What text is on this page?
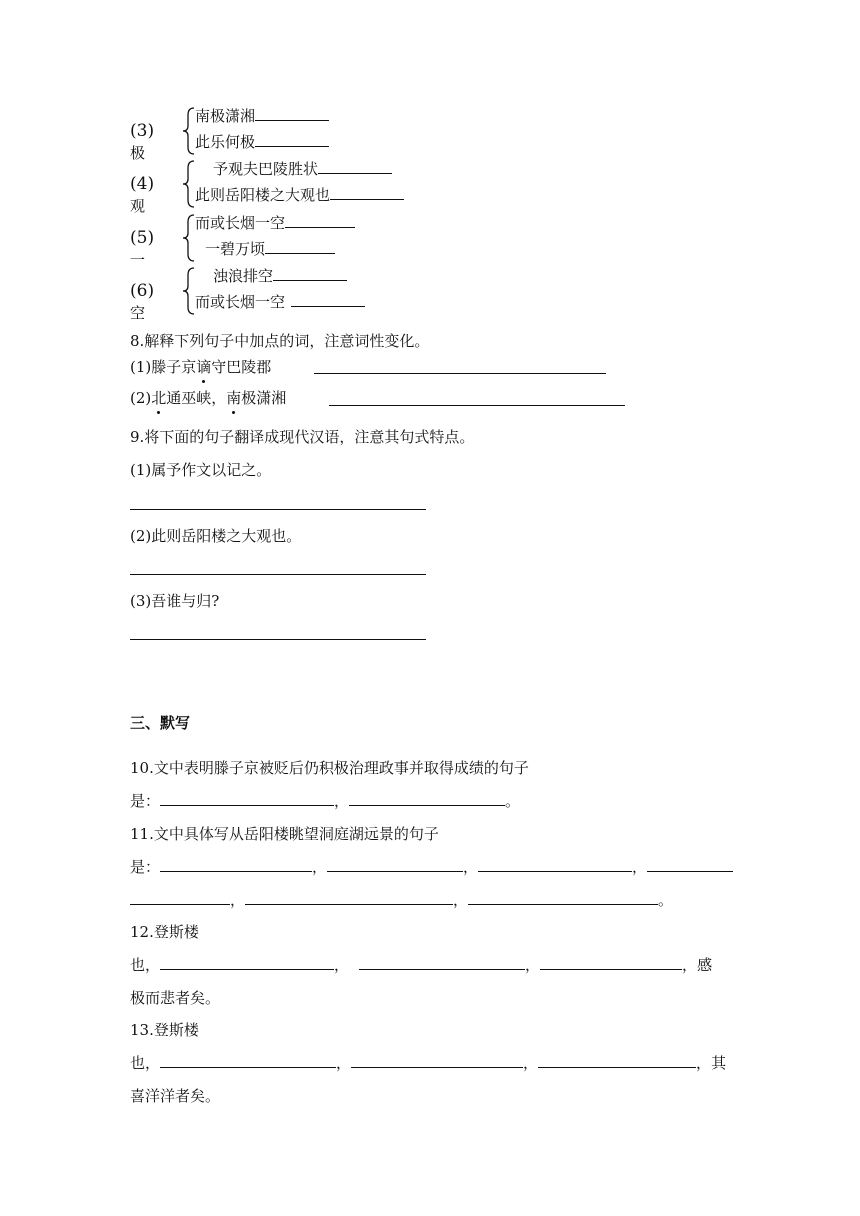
(3)极
南极潇湘
此乐何极
(4)观
予观夫巴陵胜状
此则岳阳楼之大观也
(5)一
而或长烟一空
一碧万顷
(6)空
浊浪排空
而或长烟一空
8.解释下列句子中加点的词，注意词性变化。
(1)滕子京谪守巴陵郡
(2)北通巫峡，南极潇湘
9.将下面的句子翻译成现代汉语，注意其句式特点。
(1)属予作文以记之。
(2)此则岳阳楼之大观也。
(3)吾谁与归?
三、默写
10.文中表明滕子京被贬后仍积极治理政事并取得成绩的句子
是：	，	。
11.文中具体写从岳阳楼眺望洞庭湖远景的句子
是：	，	，	，
，	，	。
12.登斯楼
也，	，	，	，感
极而悲者矣。
13.登斯楼
也，	，	，	，其
喜洋洋者矣。
